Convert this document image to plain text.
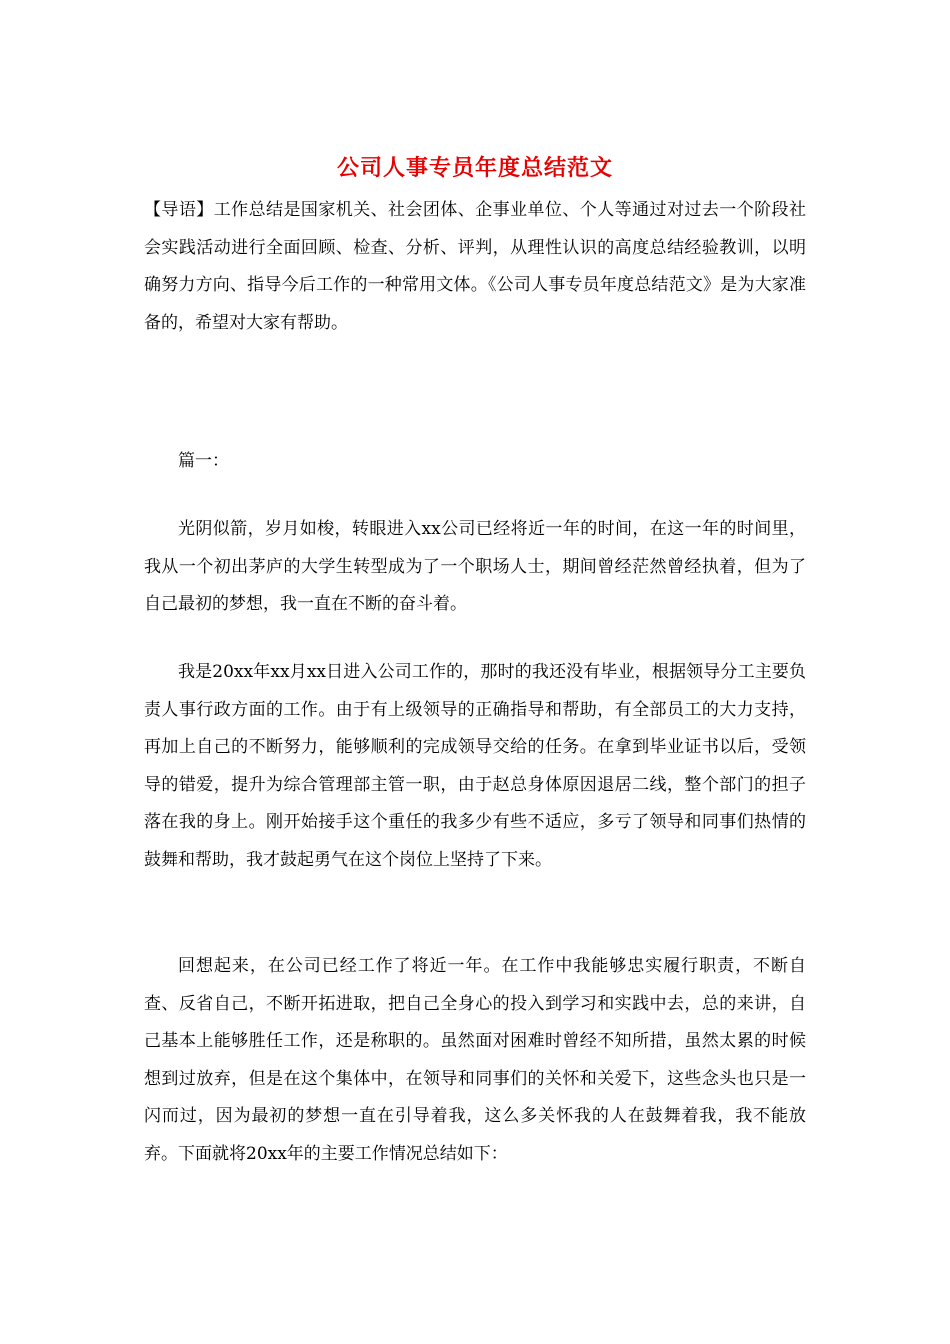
公司人事专员年度总结范文

【导语】工作总结是国家机关、社会团体、企事业单位、个人等通过对过去一个阶段社会实践活动进行全面回顾、检查、分析、评判，从理性认识的高度总结经验教训，以明确努力方向、指导今后工作的一种常用文体。《公司人事专员年度总结范文》是为大家准备的，希望对大家有帮助。

篇一：

光阴似箭，岁月如梭，转眼进入xx公司已经将近一年的时间，在这一年的时间里，我从一个初出茅庐的大学生转型成为了一个职场人士，期间曾经茫然曾经执着，但为了自己最初的梦想，我一直在不断的奋斗着。

我是20xx年xx月xx日进入公司工作的，那时的我还没有毕业，根据领导分工主要负责人事行政方面的工作。由于有上级领导的正确指导和帮助，有全部员工的大力支持，再加上自己的不断努力，能够顺利的完成领导交给的任务。在拿到毕业证书以后，受领导的错爱，提升为综合管理部主管一职，由于赵总身体原因退居二线，整个部门的担子落在我的身上。刚开始接手这个重任的我多少有些不适应，多亏了领导和同事们热情的鼓舞和帮助，我才鼓起勇气在这个岗位上坚持了下来。

回想起来，在公司已经工作了将近一年。在工作中我能够忠实履行职责，不断自查、反省自己，不断开拓进取，把自己全身心的投入到学习和实践中去，总的来讲，自己基本上能够胜任工作，还是称职的。虽然面对困难时曾经不知所措，虽然太累的时候想到过放弃，但是在这个集体中，在领导和同事们的关怀和关爱下，这些念头也只是一闪而过，因为最初的梦想一直在引导着我，这么多关怀我的人在鼓舞着我，我不能放弃。下面就将20xx年的主要工作情况总结如下：
